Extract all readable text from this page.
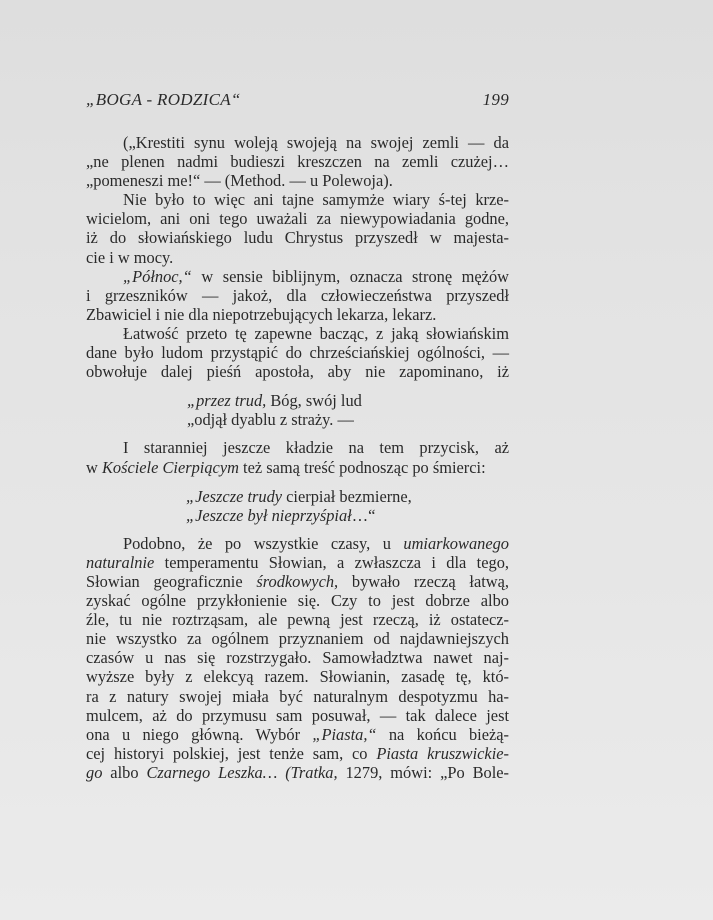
„BOGA - RODZICA“	199
(„Krestiti synu woleją swojeją na swojej zemli — da
„ne plenen nadmi budieszi kreszczen na zemli czużej…
„pomeneszi me!“ — (Method. — u Polewoja).
Nie było to więc ani tajne samymże wiary ś-tej krze-
wicielom, ani oni tego uważali za niewypowiadania godne,
iż do słowiańskiego ludu Chrystus przyszedł w majesta-
cie i w mocy.
„Północ,“ w sensie biblijnym, oznacza stronę mężów
i grzeszników — jakoż, dla człowieczeństwa przyszedł
Zbawiciel i nie dla niepotrzebujących lekarza, lekarz.
Łatwość przeto tę zapewne bacząc, z jaką słowiańskim
dane było ludom przystąpić do chrześciańskiej ogólności, —
obwołuje dalej pieśń apostoła, aby nie zapominano, iż
„przez trud, Bóg, swój lud
„odjął dyablu z straży. —
I staranniej jeszcze kładzie na tem przycisk, aż
w Kościele Cierpiącym też samą treść podnosząc po śmierci:
„Jeszcze trudy cierpiał bezmierne,
„Jeszcze był nieprzyśpiał…“
Podobno, że po wszystkie czasy, u umiarkowanego
naturalnie temperamentu Słowian, a zwłaszcza i dla tego,
Słowian geograficznie środkowych, bywało rzeczą łatwą,
zyskać ogólne przykłonienie się. Czy to jest dobrze albo
źle, tu nie roztrząsam, ale pewną jest rzeczą, iż ostatecz-
nie wszystko za ogólnem przyznaniem od najdawniejszych
czasów u nas się rozstrzygało. Samowładztwa nawet naj-
wyższe były z elekcyą razem. Słowianin, zasadę tę, któ-
ra z natury swojej miała być naturalnym despotyzmu ha-
mulcem, aż do przymusu sam posuwał, — tak dalece jest
ona u niego główną. Wybór „Piasta,“ na końcu bieżą-
cej historyi polskiej, jest tenże sam, co Piasta kruszwickie-
go albo Czarnego Leszka… (Tratka, 1279, mówi: „Po Bole-
